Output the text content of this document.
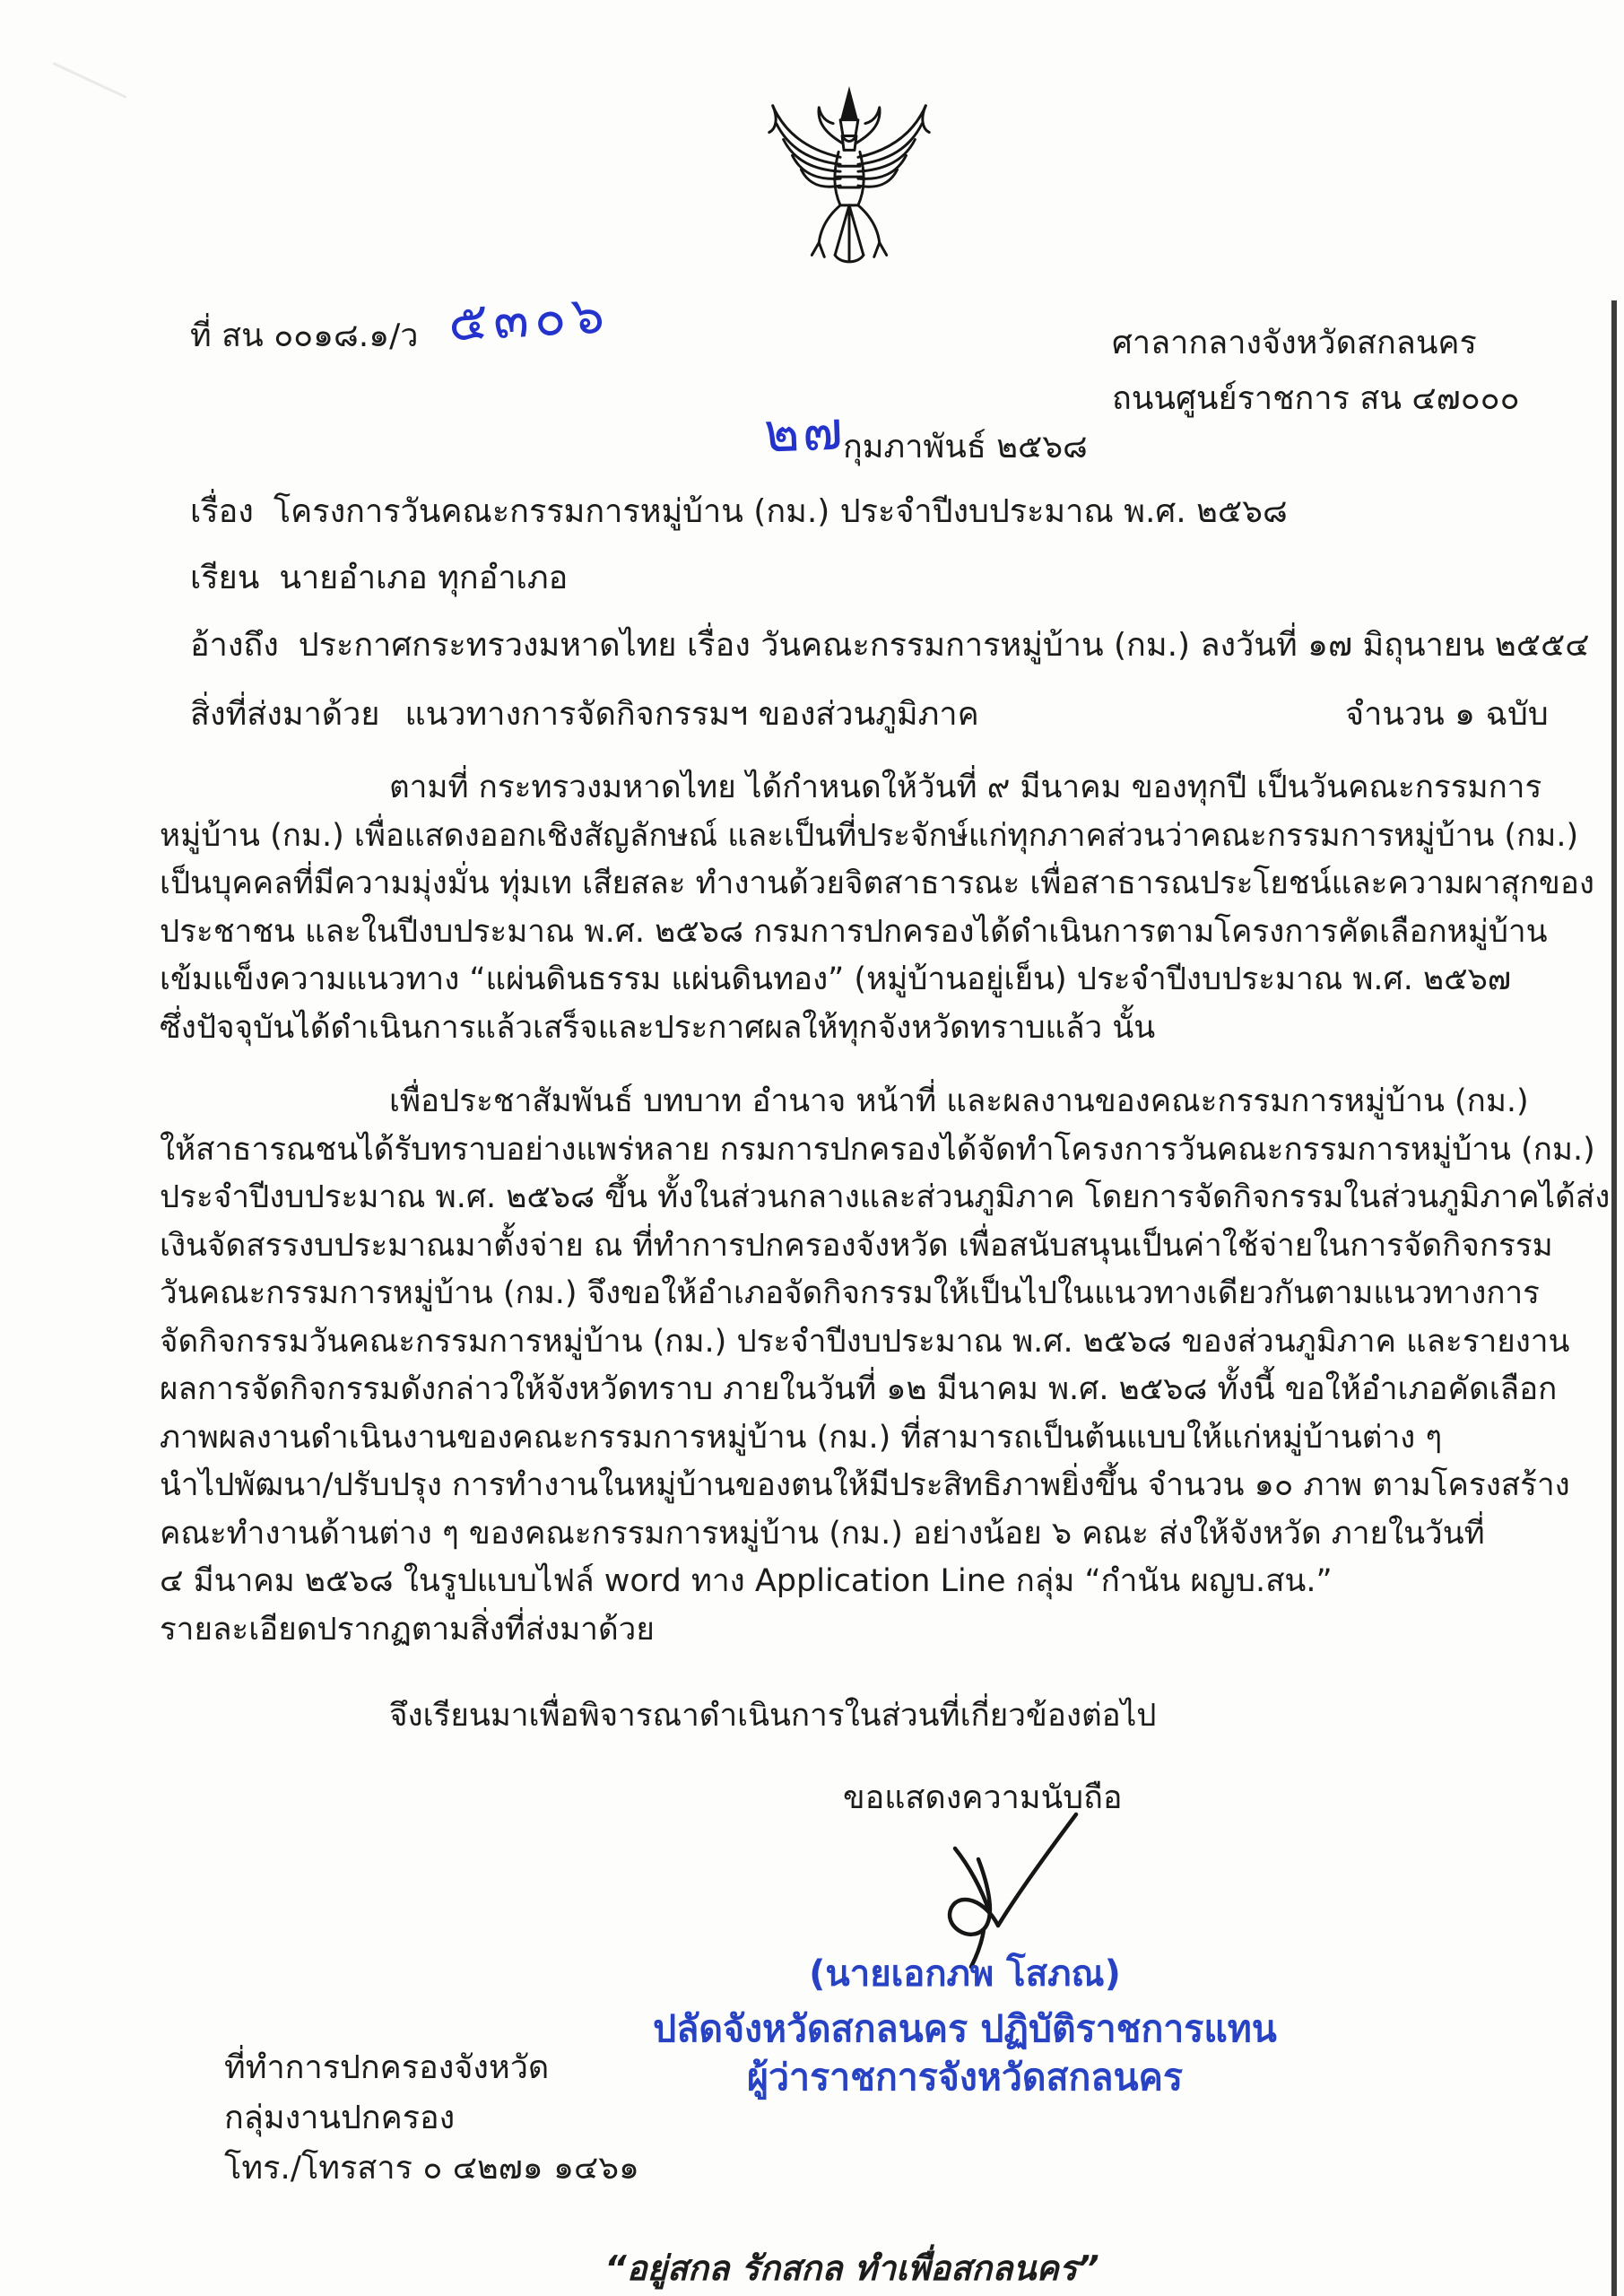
ที่ สน ๐๐๑๘.๑/ว ๕๓๐๖	ศาลากลางจังหวัดสกลนคร
ถนนศูนย์ราชการ สน ๔๗๐๐๐
๒๗
กุมภาพันธ์ ๒๕๖๘
เรื่อง โครงการวันคณะกรรมการหมู่บ้าน (กม.) ประจำปีงบประมาณ พ.ศ. ๒๕๖๘
เรียน นายอำเภอ ทุกอำเภอ
อ้างถึง ประกาศกระทรวงมหาดไทย เรื่อง วันคณะกรรมการหมู่บ้าน (กม.) ลงวันที่ ๑๗ มิถุนายน ๒๕๕๔
สิ่งที่ส่งมาด้วย แนวทางการจัดกิจกรรมฯ ของส่วนภูมิภาค	จำนวน ๑ ฉบับ
ตามที่ กระทรวงมหาดไทย ได้กำหนดให้วันที่ ๙ มีนาคม ของทุกปี เป็นวันคณะกรรมการ
หมู่บ้าน (กม.) เพื่อแสดงออกเชิงสัญลักษณ์ และเป็นที่ประจักษ์แก่ทุกภาคส่วนว่าคณะกรรมการหมู่บ้าน (กม.)
เป็นบุคคลที่มีความมุ่งมั่น ทุ่มเท เสียสละ ทำงานด้วยจิตสาธารณะ เพื่อสาธารณประโยชน์และความผาสุกของ
ประชาชน และในปีงบประมาณ พ.ศ. ๒๕๖๘ กรมการปกครองได้ดำเนินการตามโครงการคัดเลือกหมู่บ้าน
เข้มแข็งความแนวทาง “แผ่นดินธรรม แผ่นดินทอง” (หมู่บ้านอยู่เย็น) ประจำปีงบประมาณ พ.ศ. ๒๕๖๗
ซึ่งปัจจุบันได้ดำเนินการแล้วเสร็จและประกาศผลให้ทุกจังหวัดทราบแล้ว นั้น
เพื่อประชาสัมพันธ์ บทบาท อำนาจ หน้าที่ และผลงานของคณะกรรมการหมู่บ้าน (กม.)
ให้สาธารณชนได้รับทราบอย่างแพร่หลาย กรมการปกครองได้จัดทำโครงการวันคณะกรรมการหมู่บ้าน (กม.)
ประจำปีงบประมาณ พ.ศ. ๒๕๖๘ ขึ้น ทั้งในส่วนกลางและส่วนภูมิภาค โดยการจัดกิจกรรมในส่วนภูมิภาคได้ส่ง
เงินจัดสรรงบประมาณมาตั้งจ่าย ณ ที่ทำการปกครองจังหวัด เพื่อสนับสนุนเป็นค่าใช้จ่ายในการจัดกิจกรรม
วันคณะกรรมการหมู่บ้าน (กม.) จึงขอให้อำเภอจัดกิจกรรมให้เป็นไปในแนวทางเดียวกันตามแนวทางการ
จัดกิจกรรมวันคณะกรรมการหมู่บ้าน (กม.) ประจำปีงบประมาณ พ.ศ. ๒๕๖๘ ของส่วนภูมิภาค และรายงาน
ผลการจัดกิจกรรมดังกล่าวให้จังหวัดทราบ ภายในวันที่ ๑๒ มีนาคม พ.ศ. ๒๕๖๘ ทั้งนี้ ขอให้อำเภอคัดเลือก
ภาพผลงานดำเนินงานของคณะกรรมการหมู่บ้าน (กม.) ที่สามารถเป็นต้นแบบให้แก่หมู่บ้านต่าง ๆ
นำไปพัฒนา/ปรับปรุง การทำงานในหมู่บ้านของตนให้มีประสิทธิภาพยิ่งขึ้น จำนวน ๑๐ ภาพ ตามโครงสร้าง
คณะทำงานด้านต่าง ๆ ของคณะกรรมการหมู่บ้าน (กม.) อย่างน้อย ๖ คณะ ส่งให้จังหวัด ภายในวันที่
๔ มีนาคม ๒๕๖๘ ในรูปแบบไฟล์ word ทาง Application Line กลุ่ม “กำนัน ผญบ.สน.”
รายละเอียดปรากฏตามสิ่งที่ส่งมาด้วย
จึงเรียนมาเพื่อพิจารณาดำเนินการในส่วนที่เกี่ยวข้องต่อไป
ขอแสดงความนับถือ
(นายเอกภพ โสภณ)
ปลัดจังหวัดสกลนคร ปฏิบัติราชการแทน
ผู้ว่าราชการจังหวัดสกลนคร
ที่ทำการปกครองจังหวัด
กลุ่มงานปกครอง
โทร./โทรสาร ๐ ๔๒๗๑ ๑๔๖๑
“อยู่สกล รักสกล ทำเพื่อสกลนคร”
